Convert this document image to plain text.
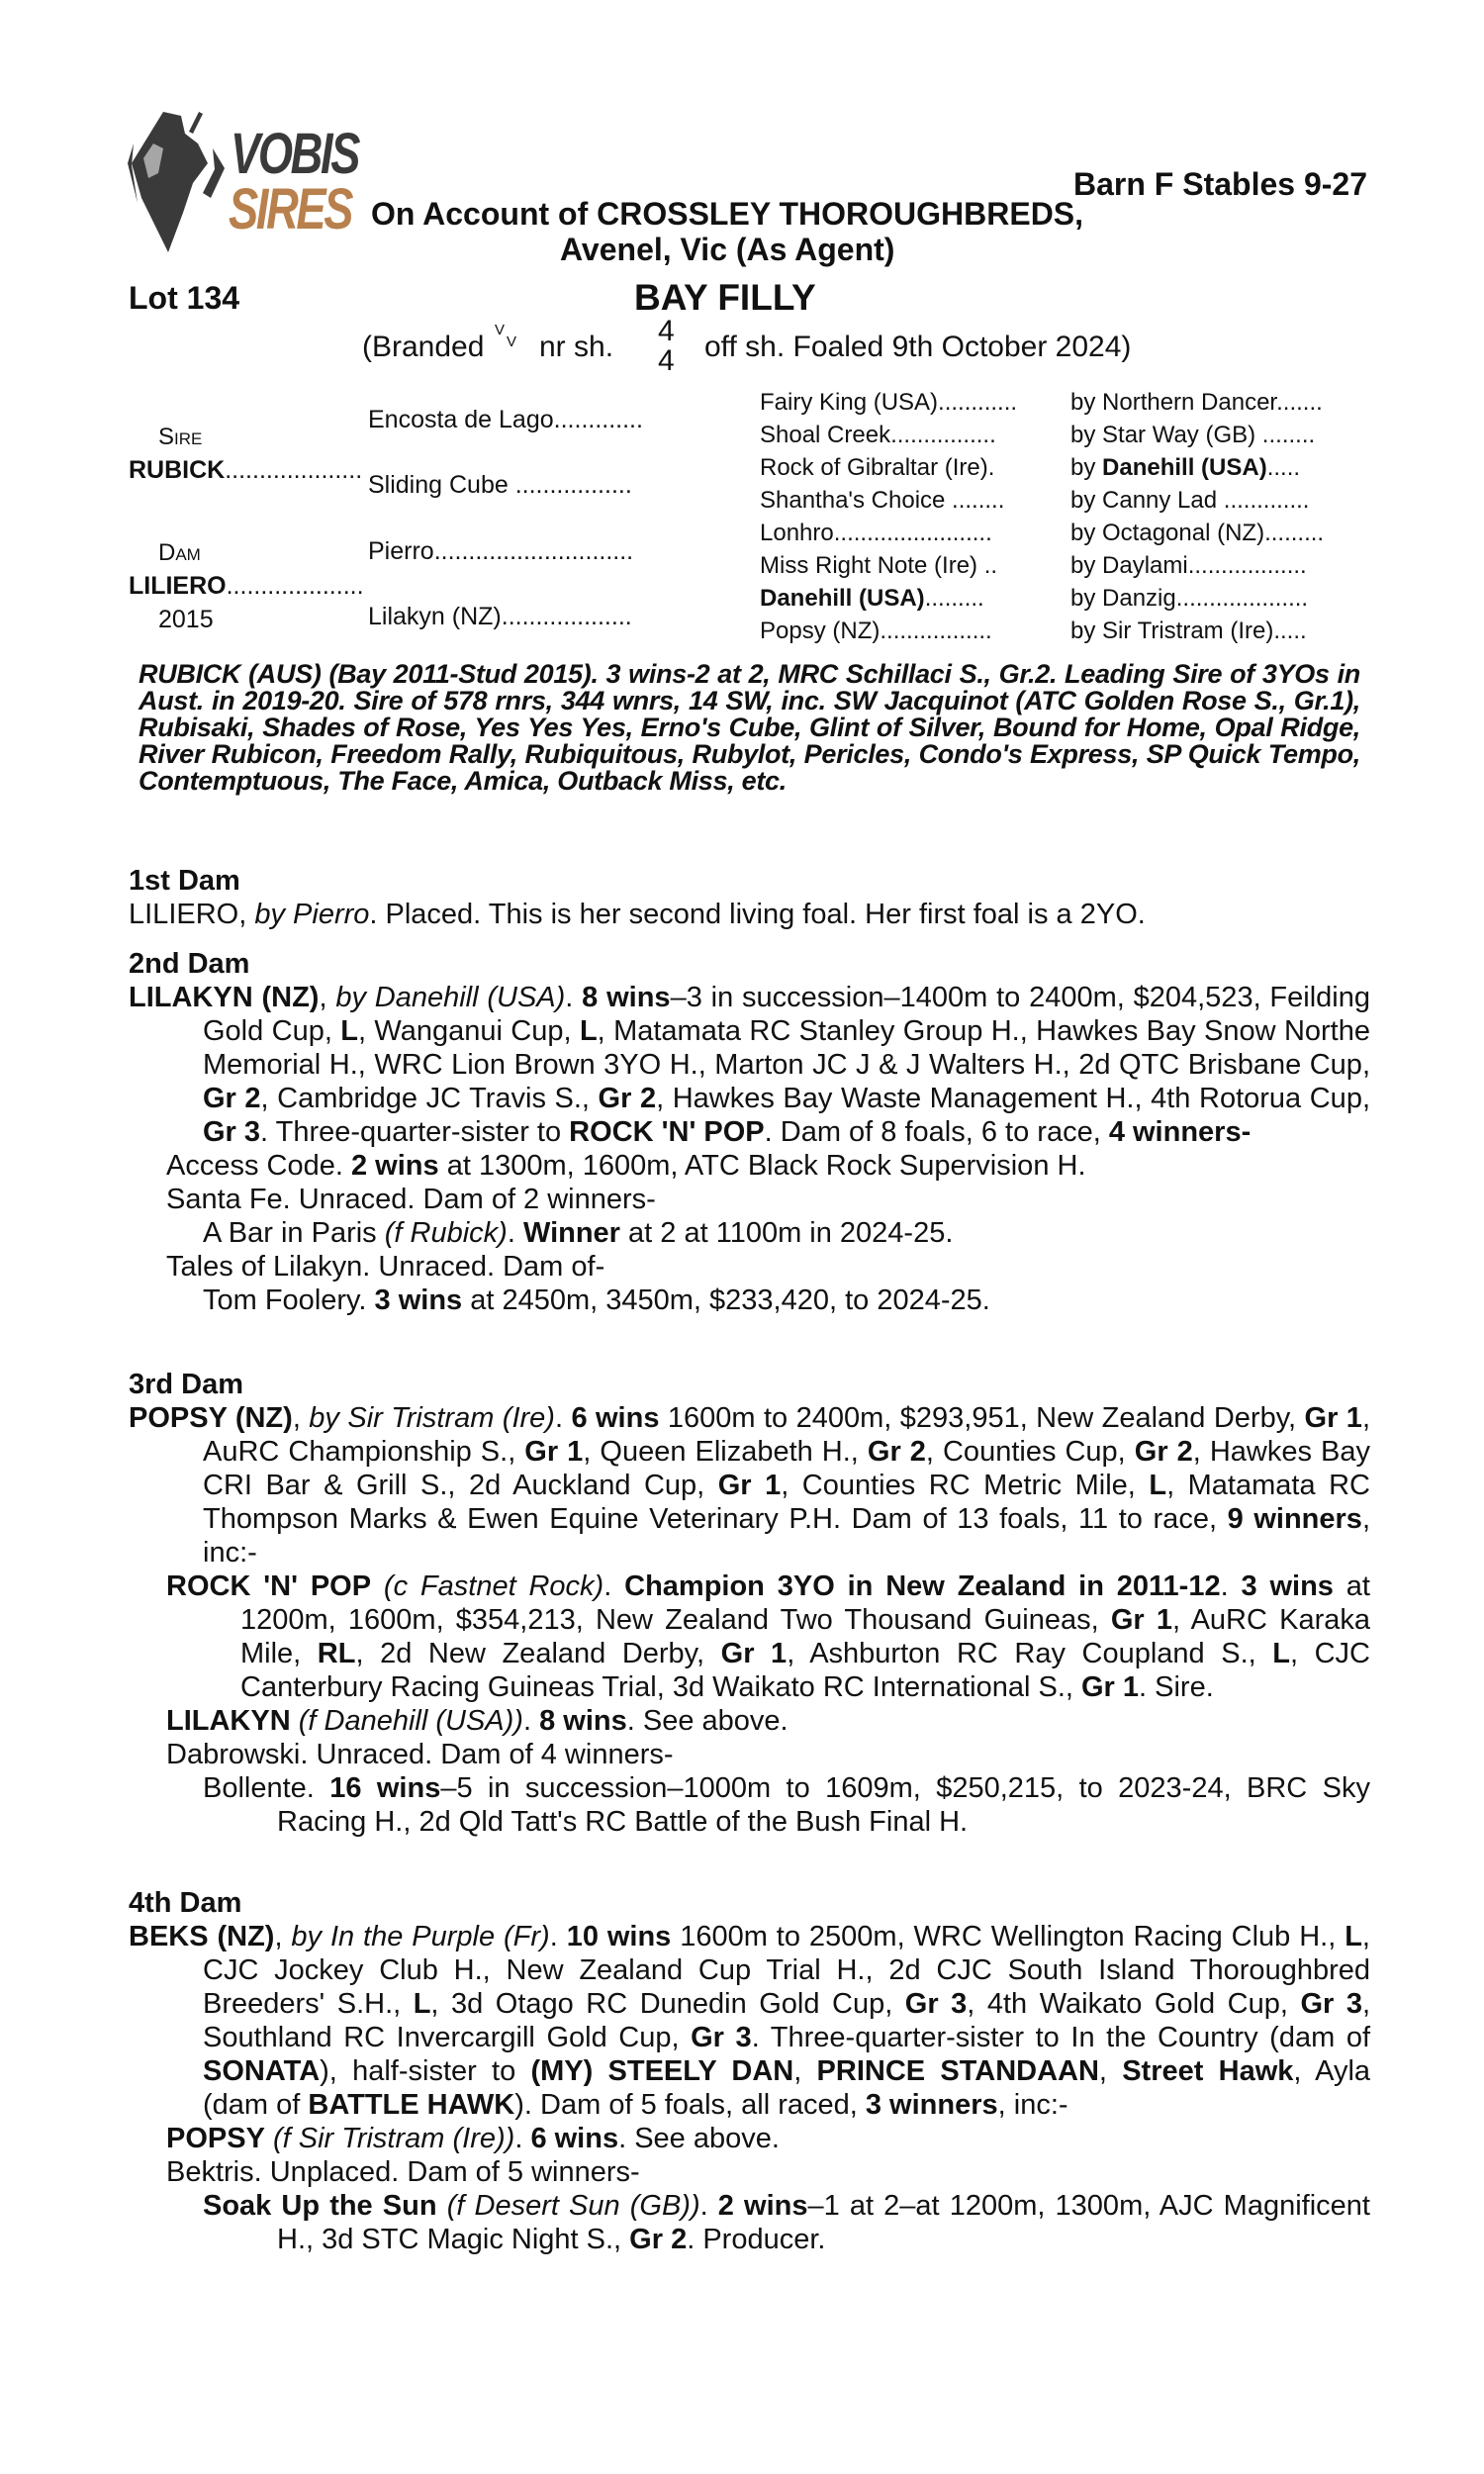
VOBIS
SIRES	Barn F Stables 9-27
On Account of CROSSLEY THOROUGHBREDS,
Avenel, Vic (As Agent)
Lot 134	BAY FILLY
(Branded
V
V nr sh. 4
4 off sh. Foaled 9th October 2024)
Sire
RUBICK....................
Dam
LILIERO....................
2015
Encosta de Lago.............
Sliding Cube .................
Pierro.............................
Lilakyn (NZ)...................
Fairy King (USA)............ by Northern Dancer.......
Shoal Creek................	by Star Way (GB) ........
Rock of Gibraltar (Ire).	by Danehill (USA).....
Shantha's Choice ........	by Canny Lad .............
Lonhro........................	by Octagonal (NZ).........
Miss Right Note (Ire) ..	by Daylami..................
Danehill (USA).........	by Danzig....................
Popsy (NZ).................	by Sir Tristram (Ire).....
RUBICK (AUS) (Bay 2011-Stud 2015). 3 wins-2 at 2, MRC Schillaci S., Gr.2. Leading Sire of 3YOs in Aust. in 2019-20. Sire of 578 rnrs, 344 wnrs, 14 SW, inc. SW Jacquinot (ATC Golden Rose S., Gr.1), Rubisaki, Shades of Rose, Yes Yes Yes, Erno's Cube, Glint of Silver, Bound for Home, Opal Ridge, River Rubicon, Freedom Rally, Rubiquitous, Rubylot, Pericles, Condo's Express, SP Quick Tempo, Contemptuous, The Face, Amica, Outback Miss, etc.
1st Dam

LILIERO, by Pierro. Placed. This is her second living foal. Her first foal is a 2YO.

2nd Dam

LILAKYN (NZ), by Danehill (USA). 8 wins–3 in succession–1400m to 2400m, $204,523, Feilding Gold Cup, L, Wanganui Cup, L, Matamata RC Stanley Group H., Hawkes Bay Snow Northe Memorial H., WRC Lion Brown 3YO H., Marton JC J & J Walters H., 2d QTC Brisbane Cup, Gr 2, Cambridge JC Travis S., Gr 2, Hawkes Bay Waste Management H., 4th Rotorua Cup, Gr 3. Three-quarter-sister to ROCK 'N' POP. Dam of 8 foals, 6 to race, 4 winners-

Access Code. 2 wins at 1300m, 1600m, ATC Black Rock Supervision H.

Santa Fe. Unraced. Dam of 2 winners-

A Bar in Paris (f Rubick). Winner at 2 at 1100m in 2024-25.

Tales of Lilakyn. Unraced. Dam of-

Tom Foolery. 3 wins at 2450m, 3450m, $233,420, to 2024-25.

3rd Dam

POPSY (NZ), by Sir Tristram (Ire). 6 wins 1600m to 2400m, $293,951, New Zealand Derby, Gr 1, AuRC Championship S., Gr 1, Queen Elizabeth H., Gr 2, Counties Cup, Gr 2, Hawkes Bay CRI Bar & Grill S., 2d Auckland Cup, Gr 1, Counties RC Metric Mile, L, Matamata RC Thompson Marks & Ewen Equine Veterinary P.H. Dam of 13 foals, 11 to race, 9 winners, inc:-

ROCK 'N' POP (c Fastnet Rock). Champion 3YO in New Zealand in 2011-12. 3 wins at 1200m, 1600m, $354,213, New Zealand Two Thousand Guineas, Gr 1, AuRC Karaka Mile, RL, 2d New Zealand Derby, Gr 1, Ashburton RC Ray Coupland S., L, CJC Canterbury Racing Guineas Trial, 3d Waikato RC International S., Gr 1. Sire.

LILAKYN (f Danehill (USA)). 8 wins. See above.

Dabrowski. Unraced. Dam of 4 winners-

Bollente. 16 wins–5 in succession–1000m to 1609m, $250,215, to 2023-24, BRC Sky Racing H., 2d Qld Tatt's RC Battle of the Bush Final H.

4th Dam

BEKS (NZ), by In the Purple (Fr). 10 wins 1600m to 2500m, WRC Wellington Racing Club H., L, CJC Jockey Club H., New Zealand Cup Trial H., 2d CJC South Island Thoroughbred Breeders' S.H., L, 3d Otago RC Dunedin Gold Cup, Gr 3, 4th Waikato Gold Cup, Gr 3, Southland RC Invercargill Gold Cup, Gr 3. Three-quarter-sister to In the Country (dam of SONATA), half-sister to (MY) STEELY DAN, PRINCE STANDAAN, Street Hawk, Ayla (dam of BATTLE HAWK). Dam of 5 foals, all raced, 3 winners, inc:-

POPSY (f Sir Tristram (Ire)). 6 wins. See above.

Bektris. Unplaced. Dam of 5 winners-

Soak Up the Sun (f Desert Sun (GB)). 2 wins–1 at 2–at 1200m, 1300m, AJC Magnificent H., 3d STC Magic Night S., Gr 2. Producer.
